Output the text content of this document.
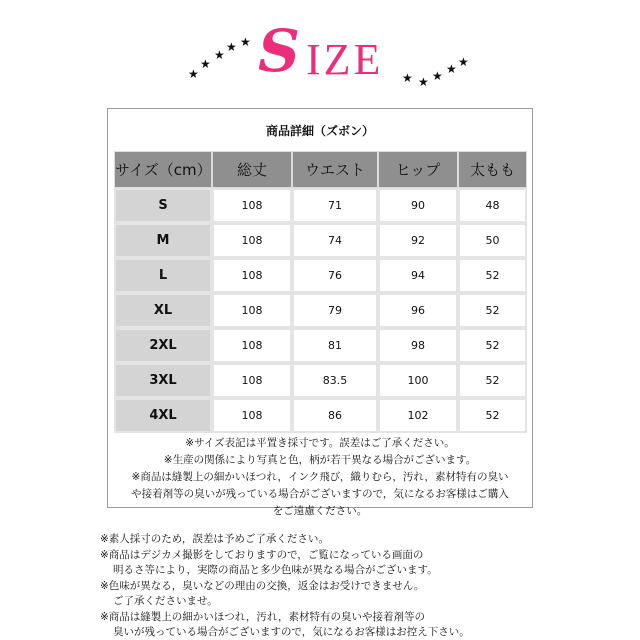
★
★ ★
★
★ S IZE ★ ★ ★ ★ ★
商品詳細（ズボン）
サイズ（cm）	総丈	ウエスト	ヒップ	太もも
S	108	71	90	48
M	108	74	92	50
L	108	76	94	52
XL	108	79	96	52
2XL	108	81	98	52
3XL	108	83.5	100	52
4XL	108	86	102	52
※サイズ表記は平置き採寸です。誤差はご了承ください。
※生産の関係により写真と色，柄が若干異なる場合がございます。
※商品は縫製上の細かいほつれ，インク飛び，織りむら，汚れ，素材特有の臭い
や接着剤等の臭いが残っている場合がございますので，気になるお客様はご購入
をご遠慮ください。
※素人採寸のため，誤差は予めご了承ください。
※商品はデジカメ撮影をしておりますので，ご覧になっている画面の
明るさ等により，実際の商品と多少色味が異なる場合がございます。
※色味が異なる，臭いなどの理由の交換，返金はお受けできません。
ご了承くださいませ。
※商品は縫製上の細かいほつれ，汚れ，素材特有の臭いや接着剤等の
臭いが残っている場合がございますので，気になるお客様はお控え下さい。
